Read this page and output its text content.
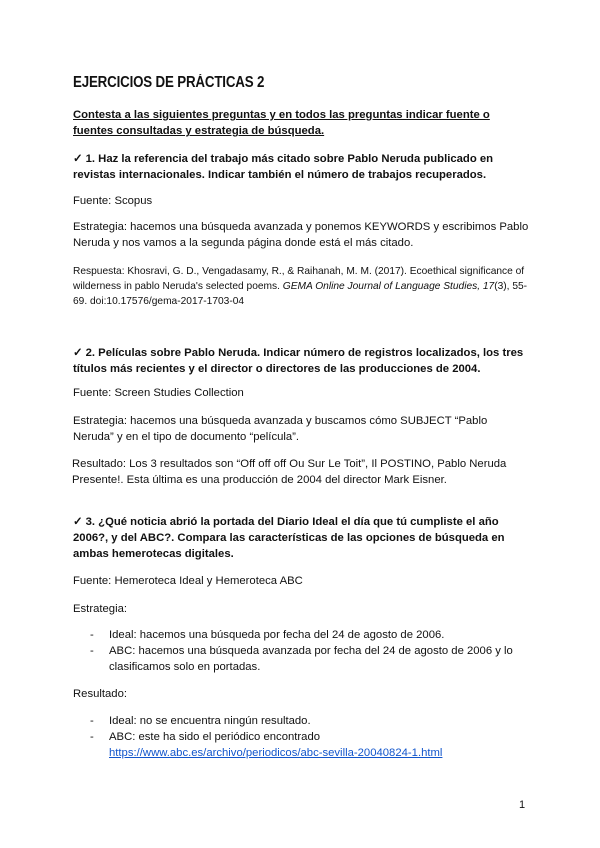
EJERCICIOS DE PRÁCTICAS 2
Contesta a las siguientes preguntas y en todos las preguntas indicar fuente o fuentes consultadas y estrategia de búsqueda.
✓ 1. Haz la referencia del trabajo más citado sobre Pablo Neruda publicado en revistas internacionales. Indicar también el número de trabajos recuperados.
Fuente: Scopus
Estrategia: hacemos una búsqueda avanzada y ponemos KEYWORDS y escribimos Pablo Neruda y nos vamos a la segunda página donde está el más citado.
Respuesta: Khosravi, G. D., Vengadasamy, R., & Raihanah, M. M. (2017). Ecoethical significance of wilderness in pablo Neruda's selected poems. GEMA Online Journal of Language Studies, 17(3), 55-69. doi:10.17576/gema-2017-1703-04
✓ 2. Películas sobre Pablo Neruda. Indicar número de registros localizados, los tres títulos más recientes y el director o directores de las producciones de 2004.
Fuente: Screen Studies Collection
Estrategia: hacemos una búsqueda avanzada y buscamos cómo SUBJECT “Pablo Neruda” y en el tipo de documento “película”.
Resultado: Los 3 resultados son “Off off off Ou Sur Le Toit”, Il POSTINO, Pablo Neruda Presente!. Esta última es una producción de 2004 del director Mark Eisner.
✓ 3. ¿Qué noticia abrió la portada del Diario Ideal el día que tú cumpliste el año 2006?, y del ABC?. Compara las características de las opciones de búsqueda en ambas hemerotecas digitales.
Fuente: Hemeroteca Ideal y Hemeroteca ABC
Estrategia:
-	Ideal: hacemos una búsqueda por fecha del 24 de agosto de 2006.
-	ABC: hacemos una búsqueda avanzada por fecha del 24 de agosto de 2006 y lo clasificamos solo en portadas.
Resultado:
-	Ideal: no se encuentra ningún resultado.
-	ABC: este ha sido el periódico encontrado
https://www.abc.es/archivo/periodicos/abc-sevilla-20040824-1.html
1
